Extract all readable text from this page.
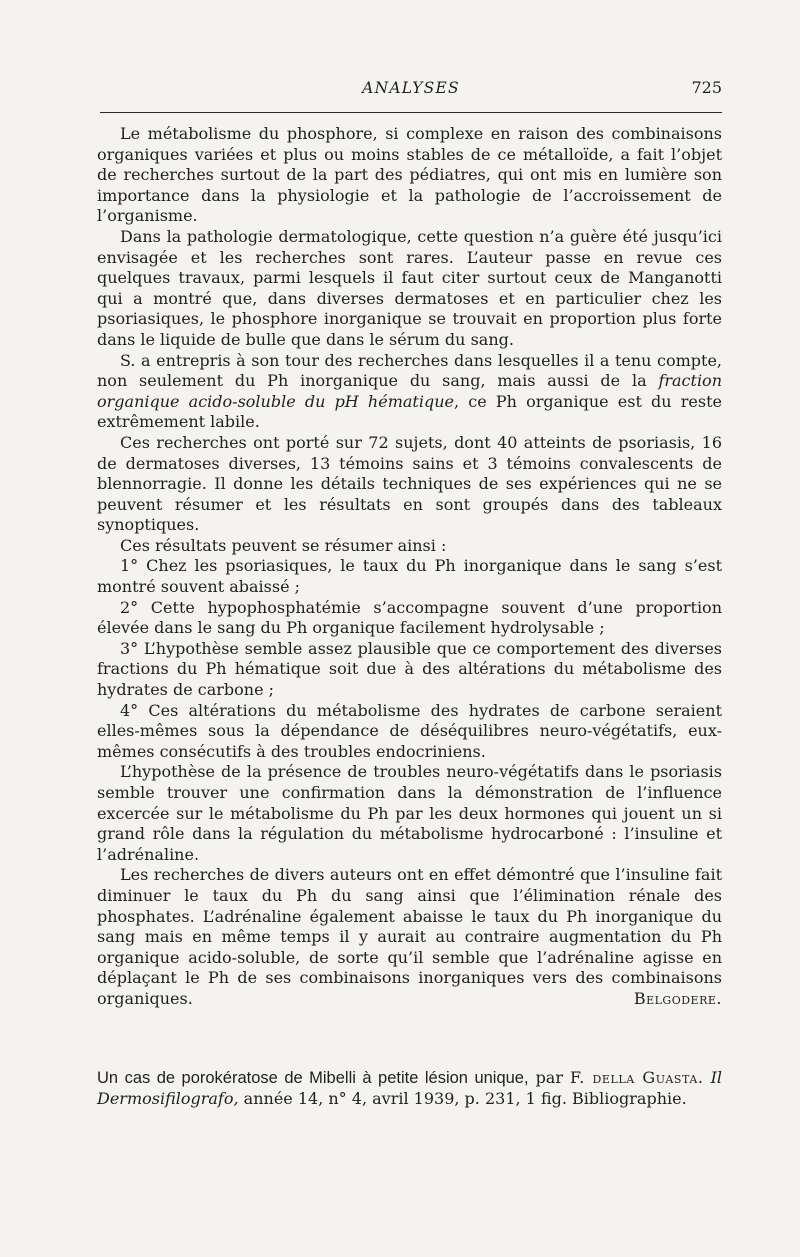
ANALYSES	725

Le métabolisme du phosphore, si complexe en raison des combinaisons organiques variées et plus ou moins stables de ce métalloïde, a fait l’objet de recherches surtout de la part des pédiatres, qui ont mis en lumière son importance dans la physiologie et la pathologie de l’accroissement de l’organisme.

Dans la pathologie dermatologique, cette question n’a guère été jusqu’ici envisagée et les recherches sont rares. L’auteur passe en revue ces quelques travaux, parmi lesquels il faut citer surtout ceux de Manganotti qui a montré que, dans diverses dermatoses et en particulier chez les psoriasiques, le phosphore inorganique se trouvait en proportion plus forte dans le liquide de bulle que dans le sérum du sang.

S. a entrepris à son tour des recherches dans lesquelles il a tenu compte, non seulement du Ph inorganique du sang, mais aussi de la fraction organique acido-soluble du pH hématique, ce Ph organique est du reste extrêmement labile.

Ces recherches ont porté sur 72 sujets, dont 40 atteints de psoriasis, 16 de dermatoses diverses, 13 témoins sains et 3 témoins convalescents de blennorragie. Il donne les détails techniques de ses expériences qui ne se peuvent résumer et les résultats en sont groupés dans des tableaux synoptiques.

Ces résultats peuvent se résumer ainsi :

1° Chez les psoriasiques, le taux du Ph inorganique dans le sang s’est montré souvent abaissé ;

2° Cette hypophosphatémie s’accompagne souvent d’une proportion élevée dans le sang du Ph organique facilement hydrolysable ;

3° L’hypothèse semble assez plausible que ce comportement des diverses fractions du Ph hématique soit due à des altérations du métabolisme des hydrates de carbone ;

4° Ces altérations du métabolisme des hydrates de carbone seraient elles-mêmes sous la dépendance de déséquilibres neuro-végétatifs, eux-mêmes consécutifs à des troubles endocriniens.

L’hypothèse de la présence de troubles neuro-végétatifs dans le psoriasis semble trouver une confirmation dans la démonstration de l’influence excercée sur le métabolisme du Ph par les deux hormones qui jouent un si grand rôle dans la régulation du métabolisme hydrocarboné : l’insuline et l’adrénaline.

Les recherches de divers auteurs ont en effet démontré que l’insuline fait diminuer le taux du Ph du sang ainsi que l’élimination rénale des phosphates. L’adrénaline également abaisse le taux du Ph inorganique du sang mais en même temps il y aurait au contraire augmentation du Ph organique acido-soluble, de sorte qu’il semble que l’adrénaline agisse en déplaçant le Ph de ses combinaisons inorganiques vers des combinaisons organiques.	Belgodere.

Un cas de porokératose de Mibelli à petite lésion unique, par F. della Guasta. Il Dermosifilografo, année 14, n° 4, avril 1939, p. 231, 1 fig. Bibliographie.
